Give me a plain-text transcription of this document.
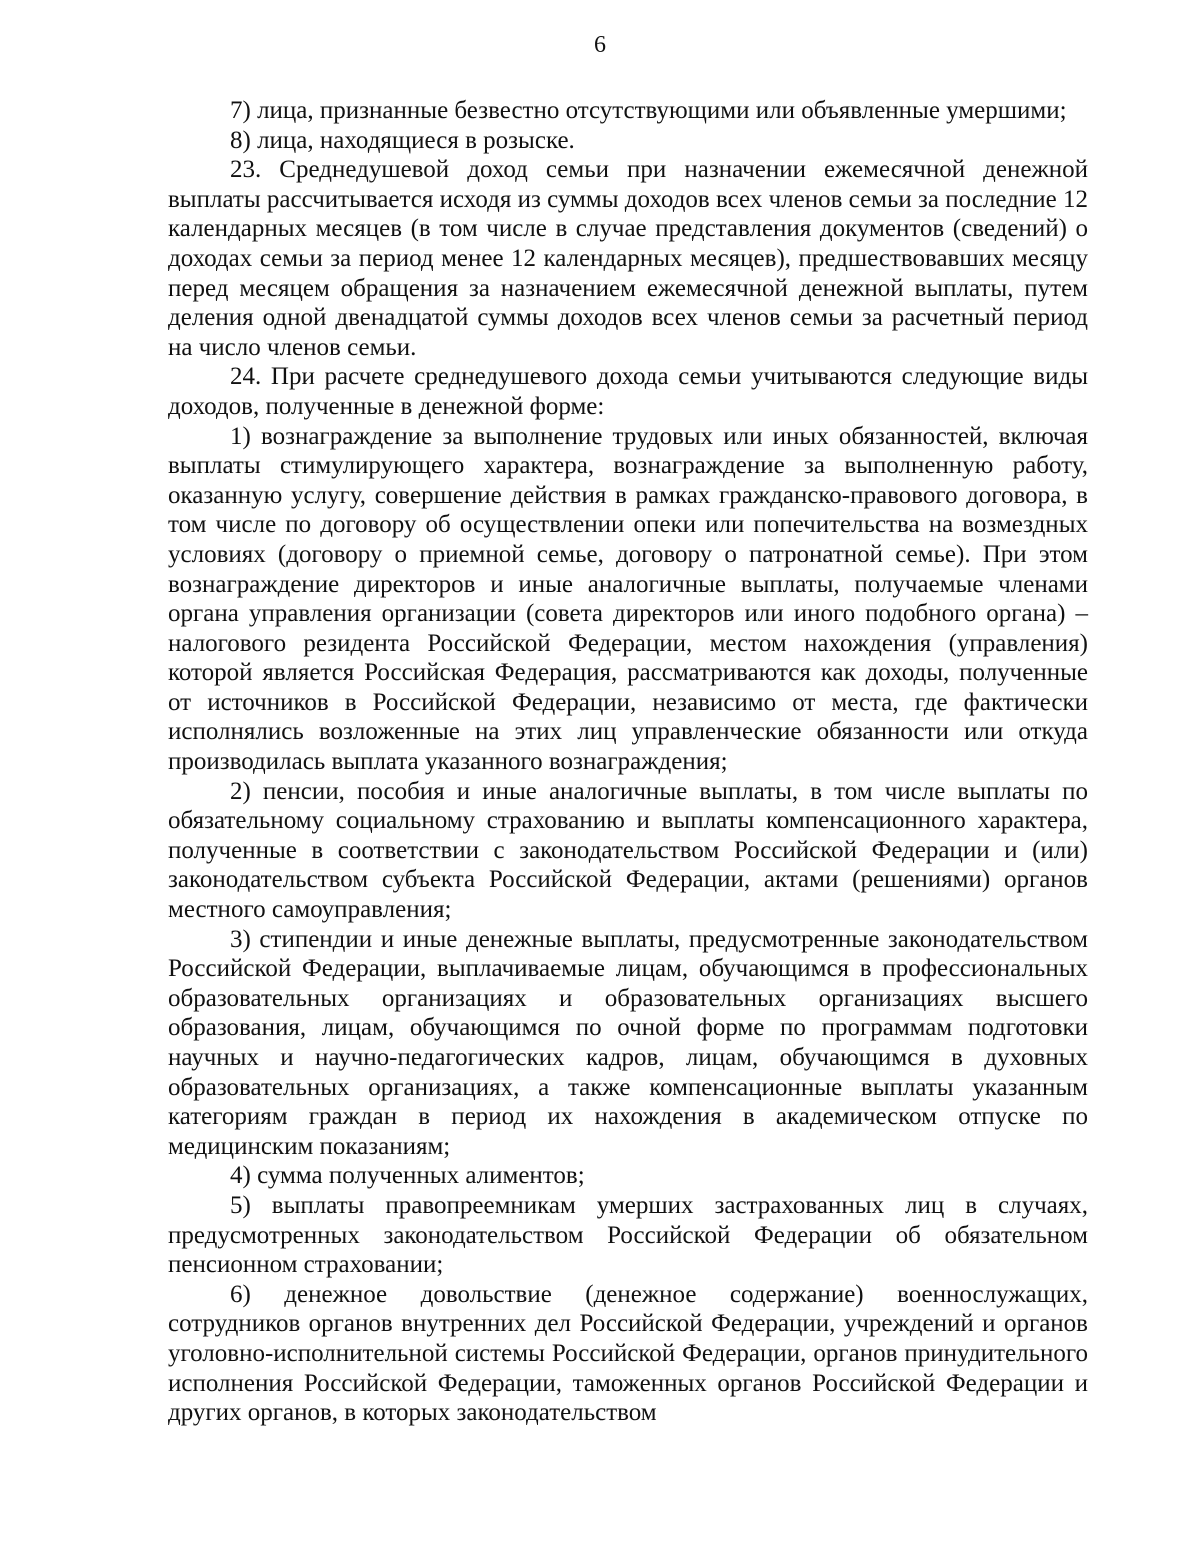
6

7) лица, признанные безвестно отсутствующими или объявленные умершими;

8) лица, находящиеся в розыске.

23. Среднедушевой доход семьи при назначении ежемесячной денежной выплаты рассчитывается исходя из суммы доходов всех членов семьи за последние 12 календарных месяцев (в том числе в случае представления документов (сведений) о доходах семьи за период менее 12 календарных месяцев), предшествовавших месяцу перед месяцем обращения за назначением ежемесячной денежной выплаты, путем деления одной двенадцатой суммы доходов всех членов семьи за расчетный период на число членов семьи.

24. При расчете среднедушевого дохода семьи учитываются следующие виды доходов, полученные в денежной форме:

1) вознаграждение за выполнение трудовых или иных обязанностей, включая выплаты стимулирующего характера, вознаграждение за выполненную работу, оказанную услугу, совершение действия в рамках гражданско-правового договора, в том числе по договору об осуществлении опеки или попечительства на возмездных условиях (договору о приемной семье, договору о патронатной семье). При этом вознаграждение директоров и иные аналогичные выплаты, получаемые членами органа управления организации (совета директоров или иного подобного органа) – налогового резидента Российской Федерации, местом нахождения (управления) которой является Российская Федерация, рассматриваются как доходы, полученные от источников в Российской Федерации, независимо от места, где фактически исполнялись возложенные на этих лиц управленческие обязанности или откуда производилась выплата указанного вознаграждения;

2) пенсии, пособия и иные аналогичные выплаты, в том числе выплаты по обязательному социальному страхованию и выплаты компенсационного характера, полученные в соответствии с законодательством Российской Федерации и (или) законодательством субъекта Российской Федерации, актами (решениями) органов местного самоуправления;

3) стипендии и иные денежные выплаты, предусмотренные законодательством Российской Федерации, выплачиваемые лицам, обучающимся в профессиональных образовательных организациях и образовательных организациях высшего образования, лицам, обучающимся по очной форме по программам подготовки научных и научно-педагогических кадров, лицам, обучающимся в духовных образовательных организациях, а также компенсационные выплаты указанным категориям граждан в период их нахождения в академическом отпуске по медицинским показаниям;

4) сумма полученных алиментов;

5) выплаты правопреемникам умерших застрахованных лиц в случаях, предусмотренных законодательством Российской Федерации об обязательном пенсионном страховании;

6) денежное довольствие (денежное содержание) военнослужащих, сотрудников органов внутренних дел Российской Федерации, учреждений и органов уголовно-исполнительной системы Российской Федерации, органов принудительного исполнения Российской Федерации, таможенных органов Российской Федерации и других органов, в которых законодательством
